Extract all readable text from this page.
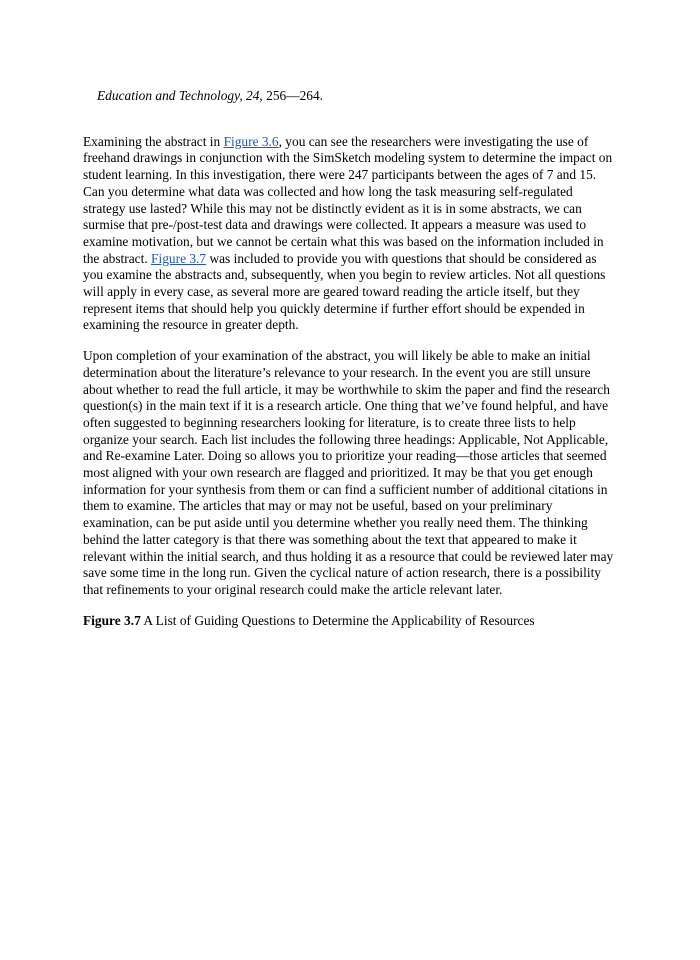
Education and Technology, 24, 256—264.

Examining the abstract in Figure 3.6, you can see the researchers were investigating the use of freehand drawings in conjunction with the SimSketch modeling system to determine the impact on student learning. In this investigation, there were 247 participants between the ages of 7 and 15. Can you determine what data was collected and how long the task measuring self-regulated strategy use lasted? While this may not be distinctly evident as it is in some abstracts, we can surmise that pre-/post-test data and drawings were collected. It appears a measure was used to examine motivation, but we cannot be certain what this was based on the information included in the abstract. Figure 3.7 was included to provide you with questions that should be considered as you examine the abstracts and, subsequently, when you begin to review articles. Not all questions will apply in every case, as several more are geared toward reading the article itself, but they represent items that should help you quickly determine if further effort should be expended in examining the resource in greater depth.

Upon completion of your examination of the abstract, you will likely be able to make an initial determination about the literature’s relevance to your research. In the event you are still unsure about whether to read the full article, it may be worthwhile to skim the paper and find the research question(s) in the main text if it is a research article. One thing that we’ve found helpful, and have often suggested to beginning researchers looking for literature, is to create three lists to help organize your search. Each list includes the following three headings: Applicable, Not Applicable, and Re-examine Later. Doing so allows you to prioritize your reading—those articles that seemed most aligned with your own research are flagged and prioritized. It may be that you get enough information for your synthesis from them or can find a sufficient number of additional citations in them to examine. The articles that may or may not be useful, based on your preliminary examination, can be put aside until you determine whether you really need them. The thinking behind the latter category is that there was something about the text that appeared to make it relevant within the initial search, and thus holding it as a resource that could be reviewed later may save some time in the long run. Given the cyclical nature of action research, there is a possibility that refinements to your original research could make the article relevant later.

Figure 3.7 A List of Guiding Questions to Determine the Applicability of Resources
